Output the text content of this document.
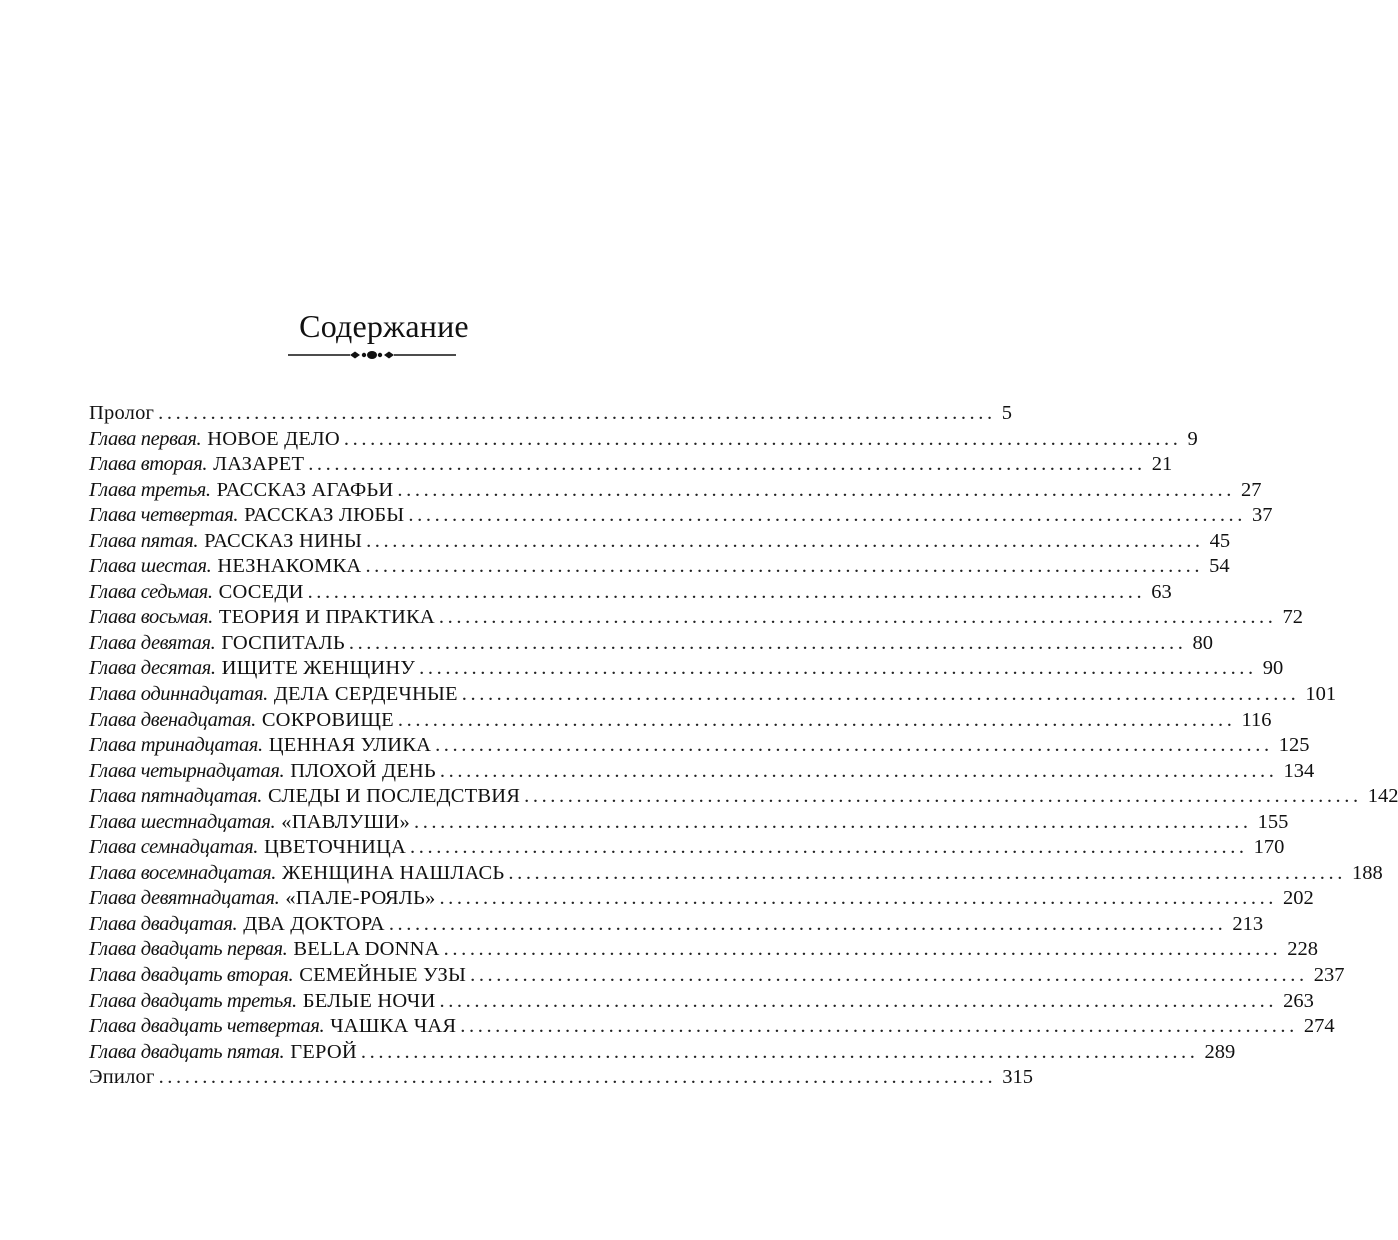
Содержание
Пролог ................................................................................................ 5
Глава первая. НОВОЕ ДЕЛО ................................................................................................ 9
Глава вторая. ЛАЗАРЕТ ................................................................................................ 21
Глава третья. РАССКАЗ АГАФЬИ ................................................................................................ 27
Глава четвертая. РАССКАЗ ЛЮБЫ ................................................................................................ 37
Глава пятая. РАССКАЗ НИНЫ ................................................................................................ 45
Глава шестая. НЕЗНАКОМКА ................................................................................................ 54
Глава седьмая. СОСЕДИ ................................................................................................ 63
Глава восьмая. ТЕОРИЯ И ПРАКТИКА ................................................................................................ 72
Глава девятая. ГОСПИТАЛЬ ................................................................................................ 80
Глава десятая. ИЩИТЕ ЖЕНЩИНУ ................................................................................................ 90
Глава одиннадцатая. ДЕЛА СЕРДЕЧНЫЕ ................................................................................................ 101
Глава двенадцатая. СОКРОВИЩЕ ................................................................................................ 116
Глава тринадцатая. ЦЕННАЯ УЛИКА ................................................................................................ 125
Глава четырнадцатая. ПЛОХОЙ ДЕНЬ ................................................................................................ 134
Глава пятнадцатая. СЛЕДЫ И ПОСЛЕДСТВИЯ ................................................................................................ 142
Глава шестнадцатая. «ПАВЛУШИ» ................................................................................................ 155
Глава семнадцатая. ЦВЕТОЧНИЦА ................................................................................................ 170
Глава восемнадцатая. ЖЕНЩИНА НАШЛАСЬ ................................................................................................ 188
Глава девятнадцатая. «ПАЛЕ-РОЯЛЬ» ................................................................................................ 202
Глава двадцатая. ДВА ДОКТОРА ................................................................................................ 213
Глава двадцать первая. BELLA DONNA ................................................................................................ 228
Глава двадцать вторая. СЕМЕЙНЫЕ УЗЫ ................................................................................................ 237
Глава двадцать третья. БЕЛЫЕ НОЧИ ................................................................................................ 263
Глава двадцать четвертая. ЧАШКА ЧАЯ ................................................................................................ 274
Глава двадцать пятая. ГЕРОЙ ................................................................................................ 289
Эпилог ................................................................................................ 315
